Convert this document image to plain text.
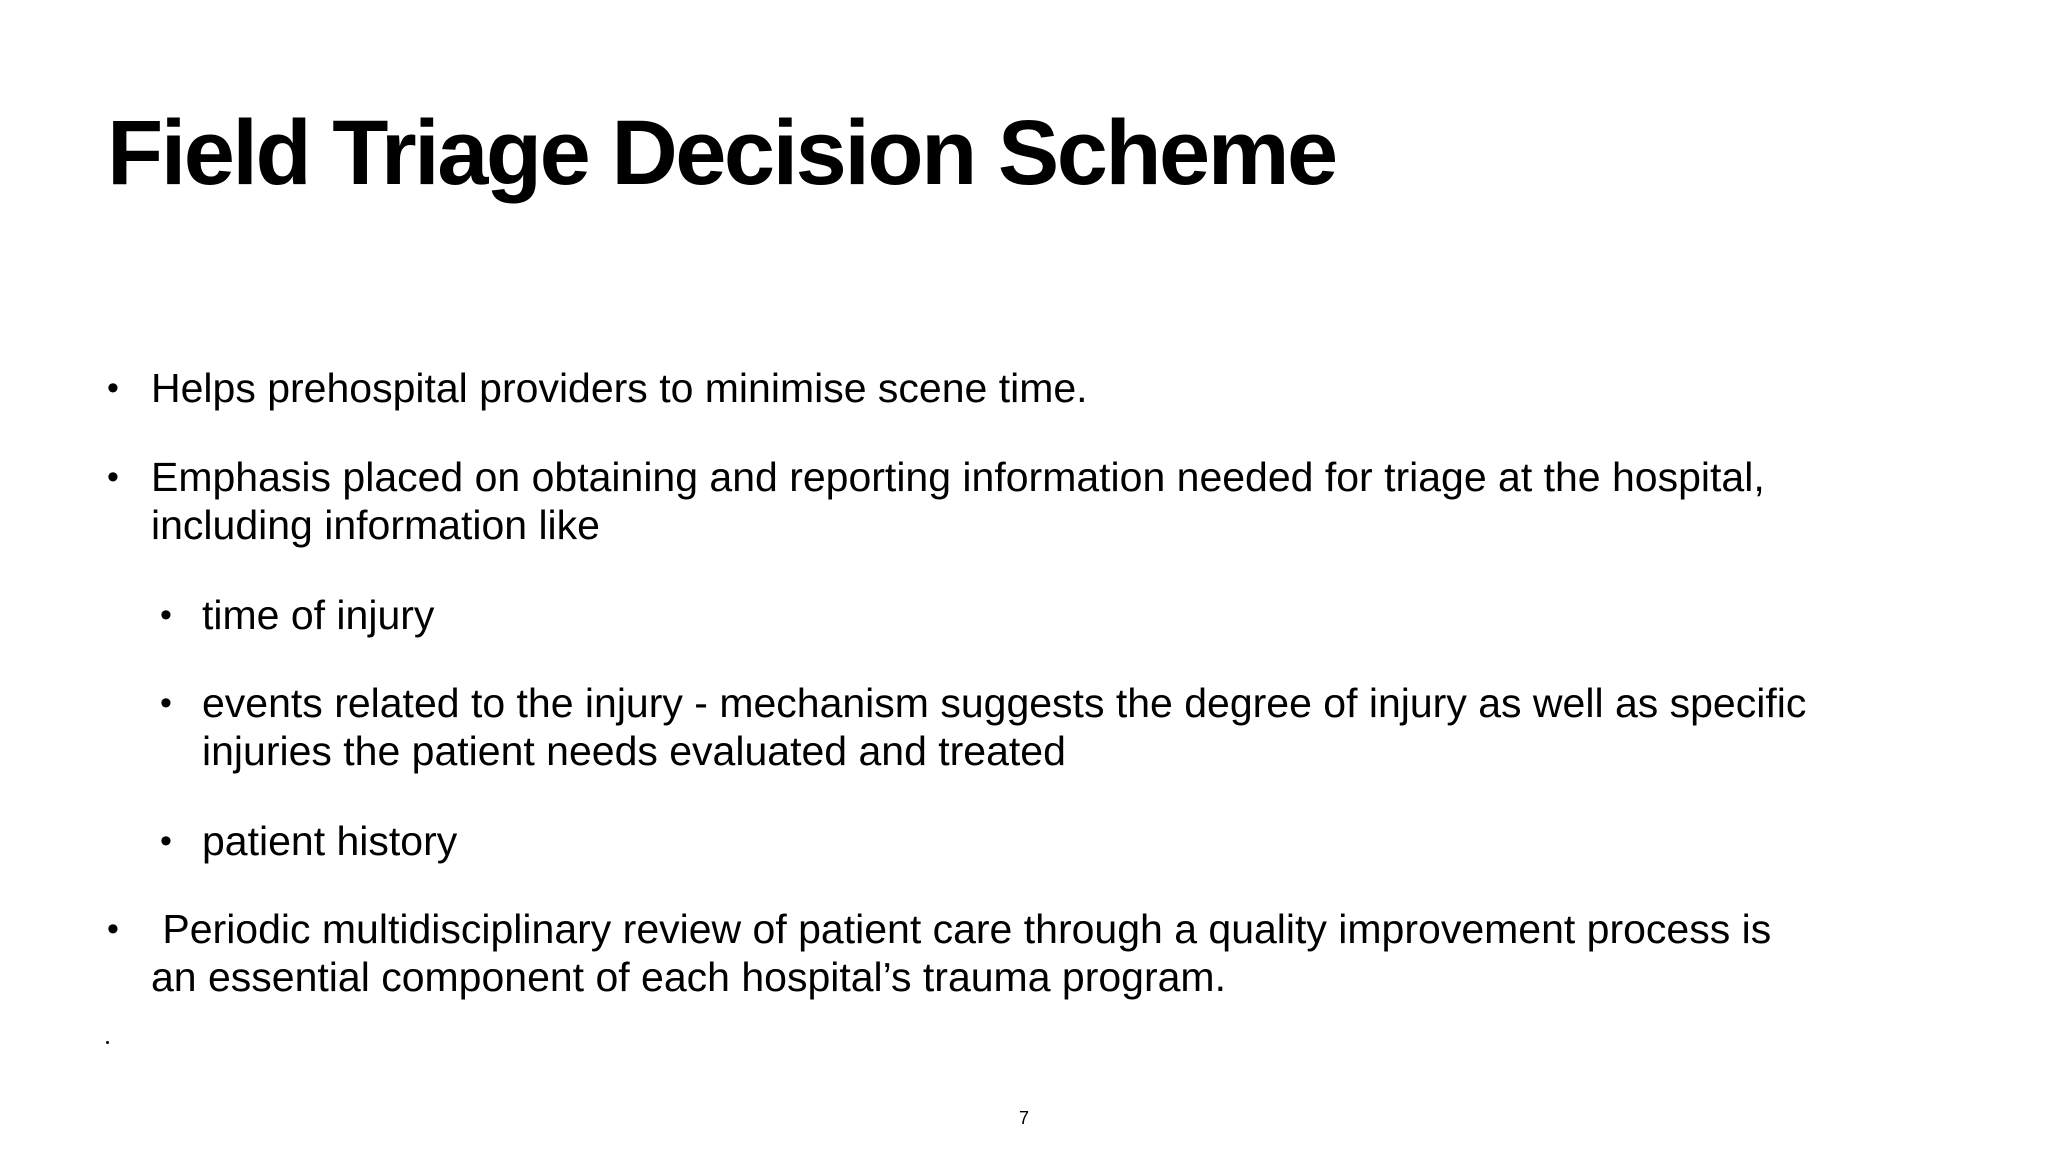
Field Triage Decision Scheme
• Helps prehospital providers to minimise scene time.
• Emphasis placed on obtaining and reporting information needed for triage at the hospital,
including information like
• time of injury
• events related to the injury - mechanism suggests the degree of injury as well as specific
injuries the patient needs evaluated and treated
• patient history
• Periodic multidisciplinary review of patient care through a quality improvement process is
an essential component of each hospital’s trauma program.
7
